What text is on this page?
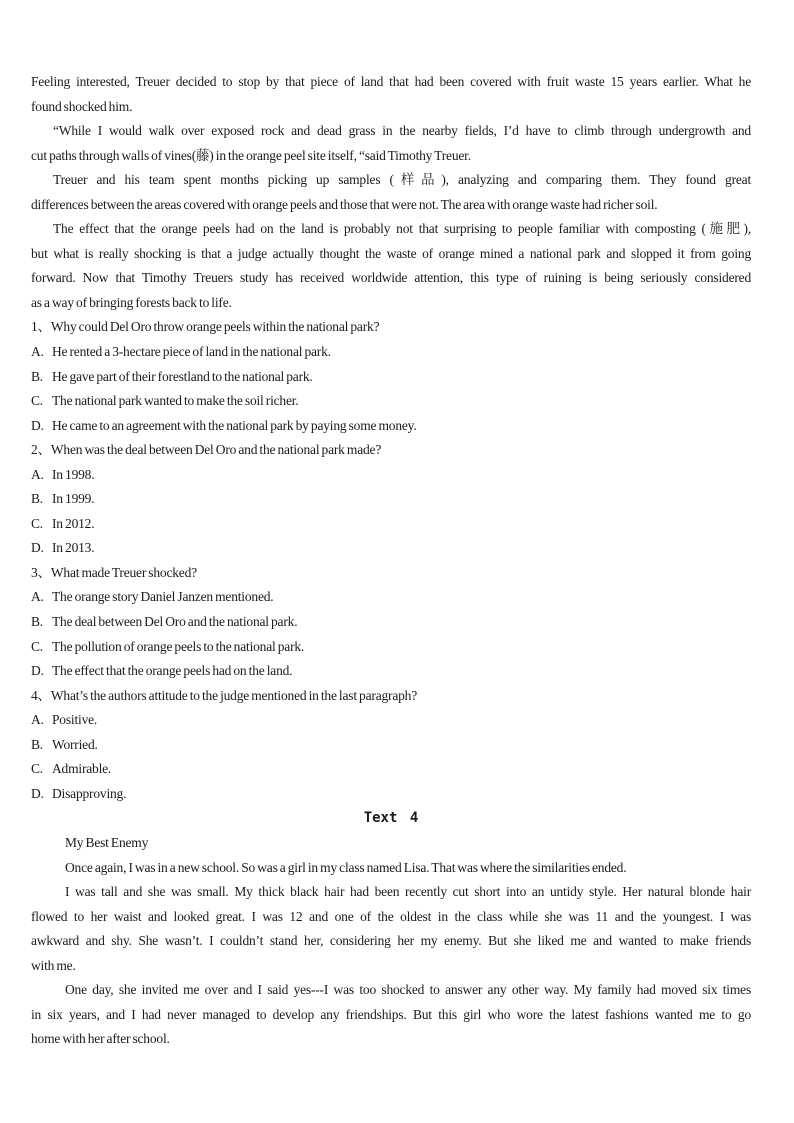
Feeling interested, Treuer decided to stop by that piece of land that had been covered with fruit waste 15 years earlier. What he
found shocked him.
“While I would walk over exposed rock and dead grass in the nearby fields, I’d have to climb through undergrowth and
cut paths through walls of vines(藤) in the orange peel site itself, “said Timothy Treuer.
Treuer and his team spent months picking up samples (样品), analyzing and comparing them. They found great
differences between the areas covered with orange peels and those that were not. The area with orange waste had richer soil.
The effect that the orange peels had on the land is probably not that surprising to people familiar with composting (施肥),
but what is really shocking is that a judge actually thought the waste of orange mined a national park and slopped it from going
forward. Now that Timothy Treuers study has received worldwide attention, this type of ruining is being seriously considered
as a way of bringing forests back to life.
1、Why could Del Oro throw orange peels within the national park?
A. He rented a 3-hectare piece of land in the national park.
B. He gave part of their forestland to the national park.
C. The national park wanted to make the soil richer.
D. He came to an agreement with the national park by paying some money.
2、When was the deal between Del Oro and the national park made?
A. In 1998.
B. In 1999.
C. In 2012.
D. In 2013.
3、What made Treuer shocked?
A. The orange story Daniel Janzen mentioned.
B. The deal between Del Oro and the national park.
C. The pollution of orange peels to the national park.
D. The effect that the orange peels had on the land.
4、What’s the authors attitude to the judge mentioned in the last paragraph?
A. Positive.
B. Worried.
C. Admirable.
D. Disapproving.
Text 4
My Best Enemy
Once again, I was in a new school. So was a girl in my class named Lisa. That was where the similarities ended.
I was tall and she was small. My thick black hair had been recently cut short into an untidy style. Her natural blonde hair
flowed to her waist and looked great. I was 12 and one of the oldest in the class while she was 11 and the youngest. I was
awkward and shy. She wasn’t. I couldn’t stand her, considering her my enemy. But she liked me and wanted to make friends
with me.
One day, she invited me over and I said yes---I was too shocked to answer any other way. My family had moved six times
in six years, and I had never managed to develop any friendships. But this girl who wore the latest fashions wanted me to go
home with her after school.
